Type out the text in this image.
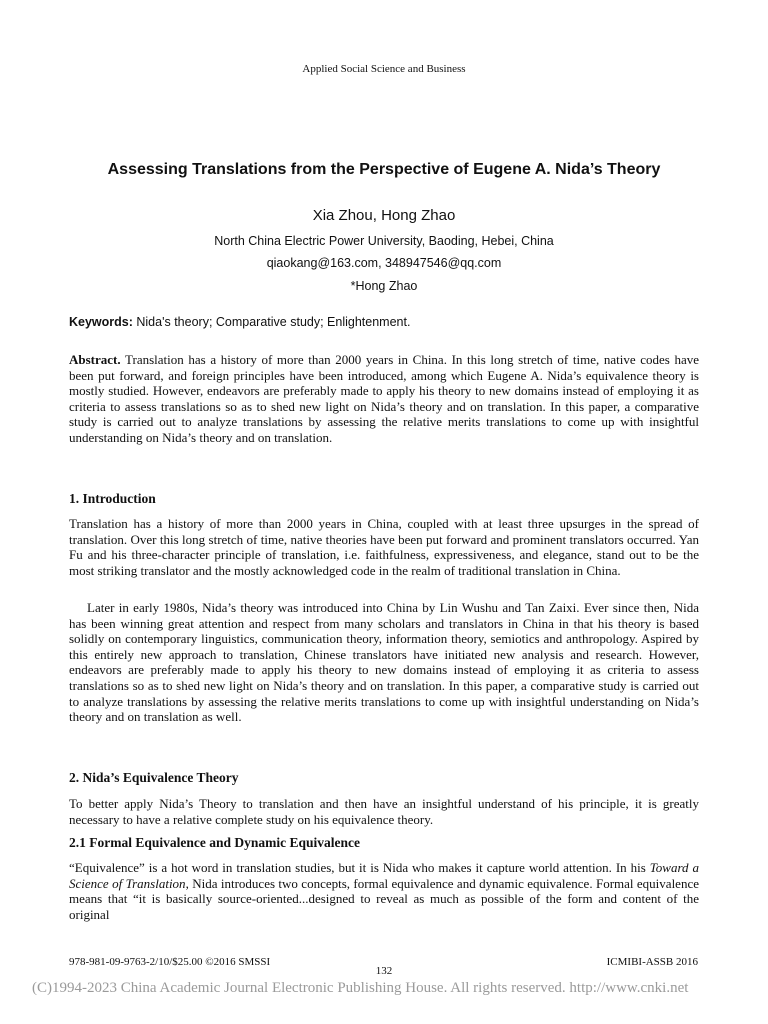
Applied Social Science and Business
Assessing Translations from the Perspective of Eugene A. Nida’s Theory
Xia Zhou, Hong Zhao
North China Electric Power University, Baoding, Hebei, China
qiaokang@163.com, 348947546@qq.com
*Hong Zhao
Keywords: Nida's theory; Comparative study; Enlightenment.
Abstract. Translation has a history of more than 2000 years in China. In this long stretch of time, native codes have been put forward, and foreign principles have been introduced, among which Eugene A. Nida’s equivalence theory is mostly studied. However, endeavors are preferably made to apply his theory to new domains instead of employing it as criteria to assess translations so as to shed new light on Nida’s theory and on translation. In this paper, a comparative study is carried out to analyze translations by assessing the relative merits translations to come up with insightful understanding on Nida’s theory and on translation.
1. Introduction
Translation has a history of more than 2000 years in China, coupled with at least three upsurges in the spread of translation. Over this long stretch of time, native theories have been put forward and prominent translators occurred. Yan Fu and his three-character principle of translation, i.e. faithfulness, expressiveness, and elegance, stand out to be the most striking translator and the mostly acknowledged code in the realm of traditional translation in China.
Later in early 1980s, Nida’s theory was introduced into China by Lin Wushu and Tan Zaixi. Ever since then, Nida has been winning great attention and respect from many scholars and translators in China in that his theory is based solidly on contemporary linguistics, communication theory, information theory, semiotics and anthropology. Aspired by this entirely new approach to translation, Chinese translators have initiated new analysis and research. However, endeavors are preferably made to apply his theory to new domains instead of employing it as criteria to assess translations so as to shed new light on Nida’s theory and on translation. In this paper, a comparative study is carried out to analyze translations by assessing the relative merits translations to come up with insightful understanding on Nida’s theory and on translation as well.
2. Nida’s Equivalence Theory
To better apply Nida’s Theory to translation and then have an insightful understand of his principle, it is greatly necessary to have a relative complete study on his equivalence theory.
2.1 Formal Equivalence and Dynamic Equivalence
“Equivalence” is a hot word in translation studies, but it is Nida who makes it capture world attention. In his Toward a Science of Translation, Nida introduces two concepts, formal equivalence and dynamic equivalence. Formal equivalence means that “it is basically source-oriented...designed to reveal as much as possible of the form and content of the original
978-981-09-9763-2/10/$25.00 ©2016 SMSSI	ICMIBI-ASSB 2016
132
(C)1994-2023 China Academic Journal Electronic Publishing House. All rights reserved. http://www.cnki.net
